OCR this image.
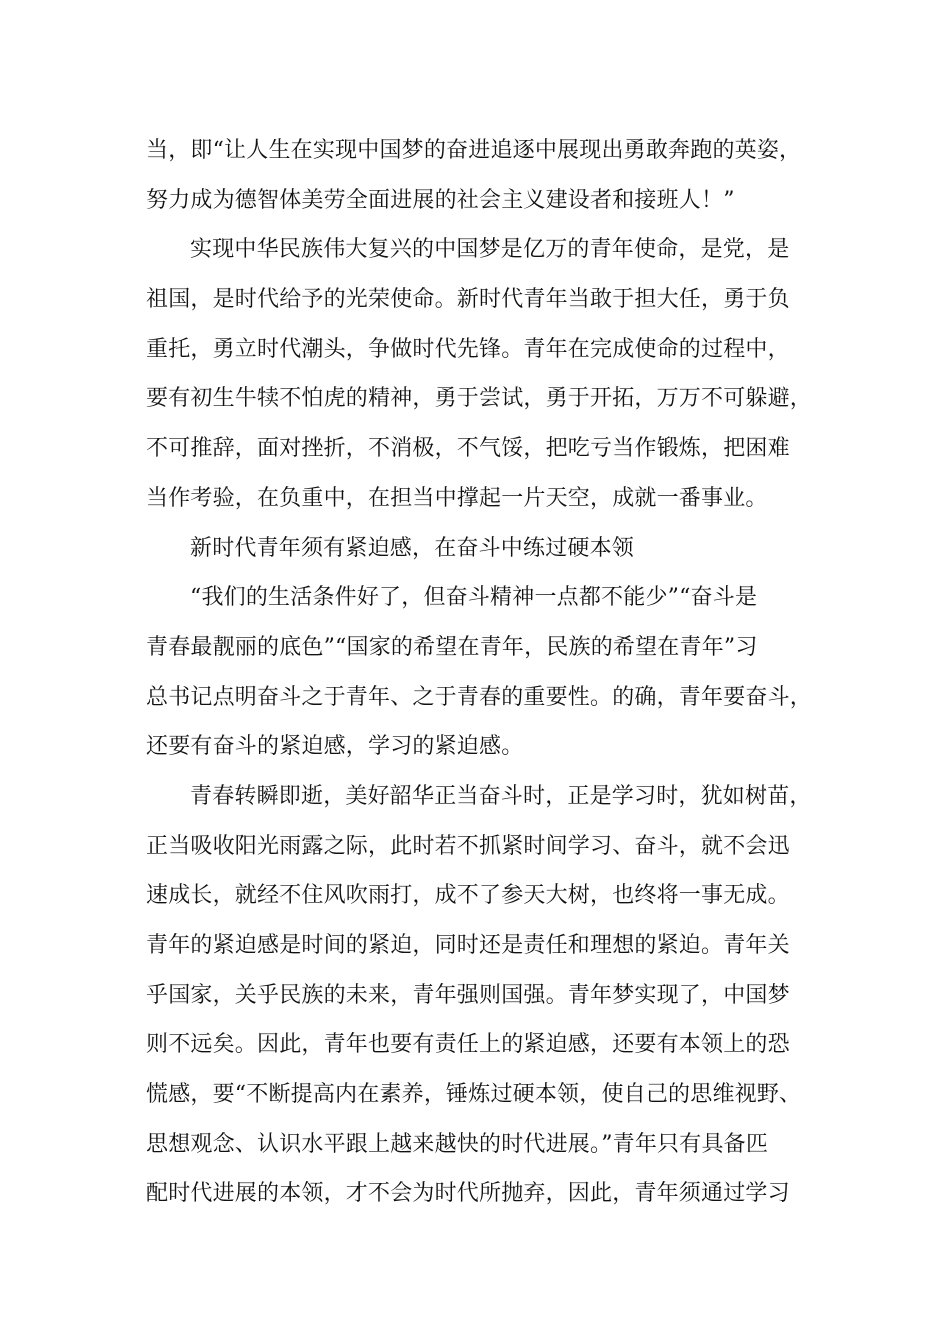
当，即“让人生在实现中国梦的奋进追逐中展现出勇敢奔跑的英姿，
努力成为德智体美劳全面进展的社会主义建设者和接班人！”
实现中华民族伟大复兴的中国梦是亿万的青年使命，是党，是
祖国，是时代给予的光荣使命。新时代青年当敢于担大任，勇于负
重托，勇立时代潮头，争做时代先锋。青年在完成使命的过程中，
要有初生牛犊不怕虎的精神，勇于尝试，勇于开拓，万万不可躲避，
不可推辞，面对挫折，不消极，不气馁，把吃亏当作锻炼，把困难
当作考验，在负重中，在担当中撑起一片天空，成就一番事业。
新时代青年须有紧迫感，在奋斗中练过硬本领
“我们的生活条件好了，但奋斗精神一点都不能少”“奋斗是
青春最靓丽的底色”“国家的希望在青年，民族的希望在青年”习
总书记点明奋斗之于青年、之于青春的重要性。的确，青年要奋斗，
还要有奋斗的紧迫感，学习的紧迫感。
青春转瞬即逝，美好韶华正当奋斗时，正是学习时，犹如树苗，
正当吸收阳光雨露之际，此时若不抓紧时间学习、奋斗，就不会迅
速成长，就经不住风吹雨打，成不了参天大树，也终将一事无成。
青年的紧迫感是时间的紧迫，同时还是责任和理想的紧迫。青年关
乎国家，关乎民族的未来，青年强则国强。青年梦实现了，中国梦
则不远矣。因此，青年也要有责任上的紧迫感，还要有本领上的恐
慌感，要“不断提高内在素养，锤炼过硬本领，使自己的思维视野、
思想观念、认识水平跟上越来越快的时代进展。”青年只有具备匹
配时代进展的本领，才不会为时代所抛弃，因此，青年须通过学习
